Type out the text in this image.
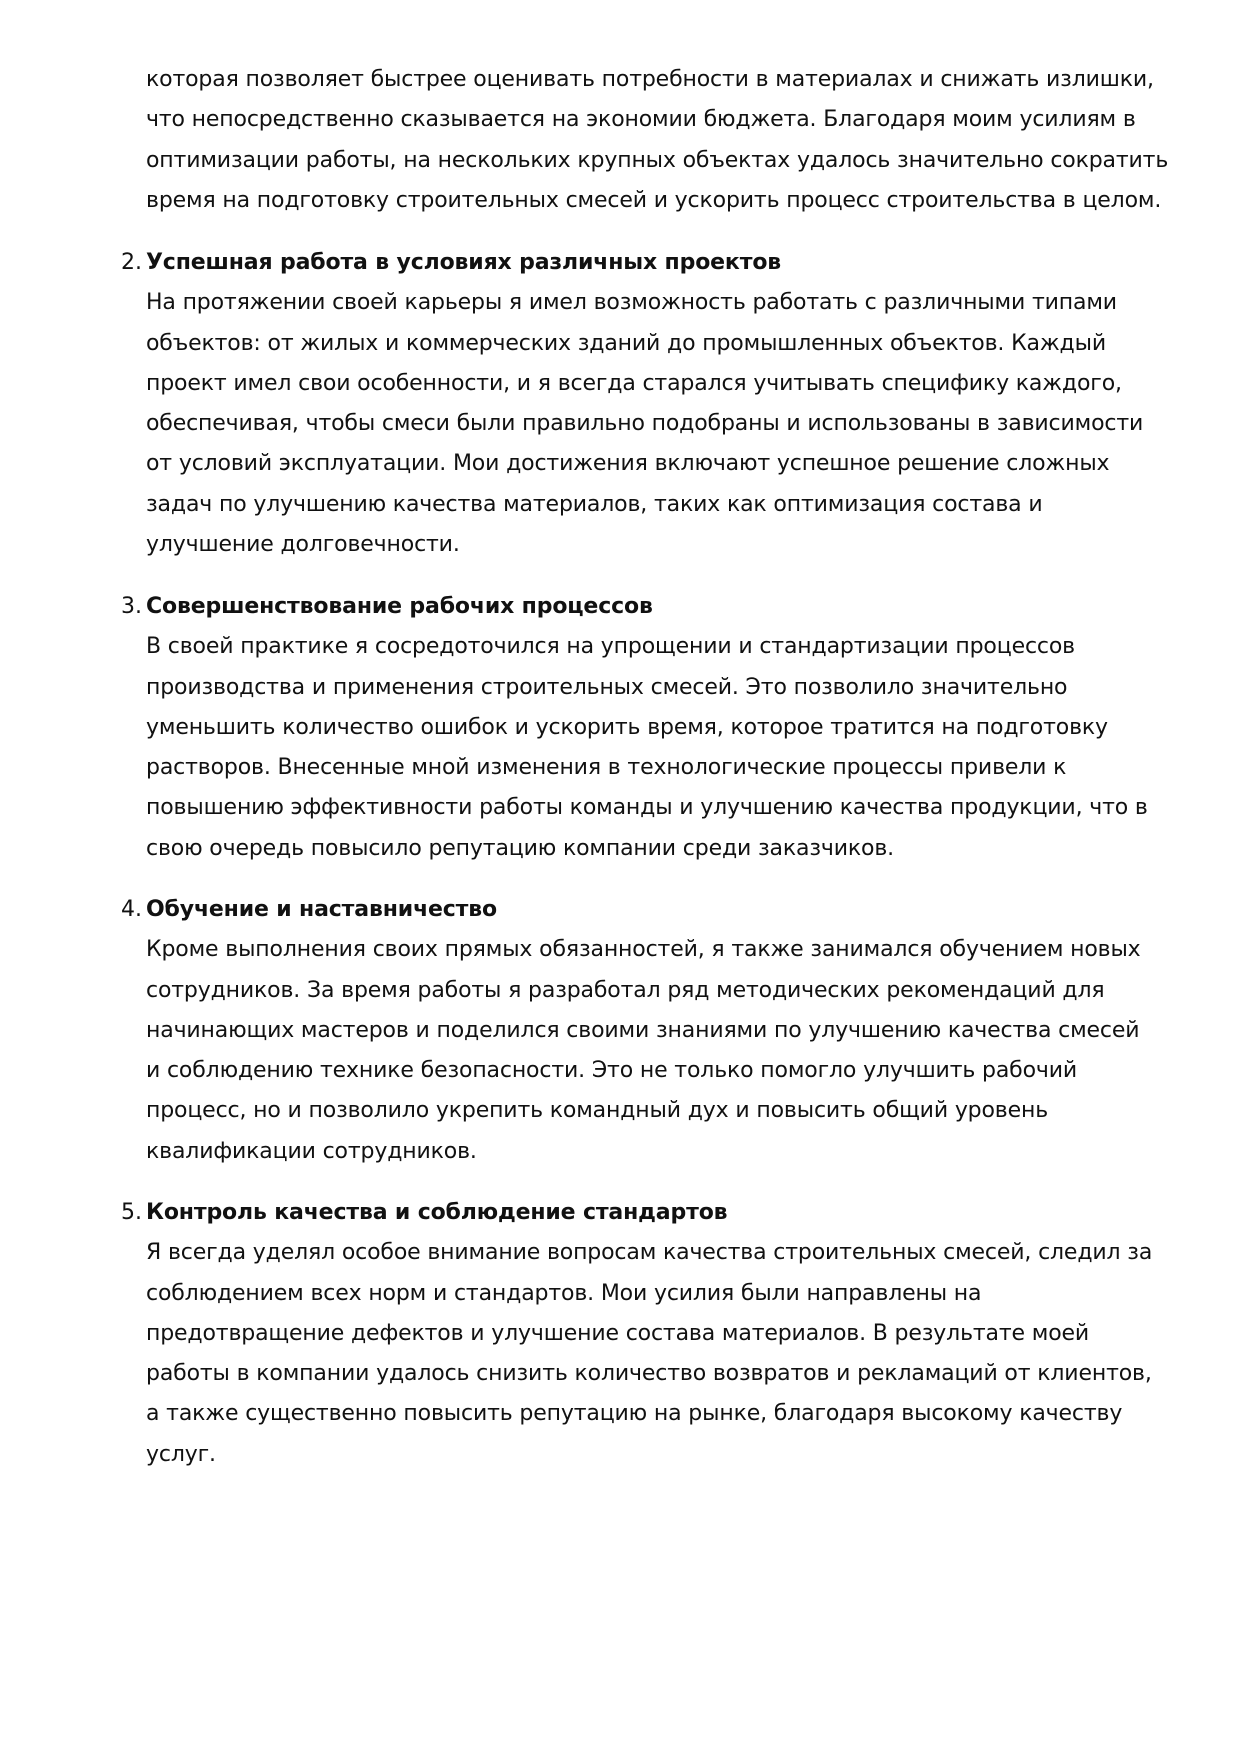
которая позволяет быстрее оценивать потребности в материалах и снижать излишки,
что непосредственно сказывается на экономии бюджета. Благодаря моим усилиям в
оптимизации работы, на нескольких крупных объектах удалось значительно сократить
время на подготовку строительных смесей и ускорить процесс строительства в целом.

2. Успешная работа в условиях различных проектов

На протяжении своей карьеры я имел возможность работать с различными типами
объектов: от жилых и коммерческих зданий до промышленных объектов. Каждый
проект имел свои особенности, и я всегда старался учитывать специфику каждого,
обеспечивая, чтобы смеси были правильно подобраны и использованы в зависимости
от условий эксплуатации. Мои достижения включают успешное решение сложных
задач по улучшению качества материалов, таких как оптимизация состава и
улучшение долговечности.

3. Совершенствование рабочих процессов

В своей практике я сосредоточился на упрощении и стандартизации процессов
производства и применения строительных смесей. Это позволило значительно
уменьшить количество ошибок и ускорить время, которое тратится на подготовку
растворов. Внесенные мной изменения в технологические процессы привели к
повышению эффективности работы команды и улучшению качества продукции, что в
свою очередь повысило репутацию компании среди заказчиков.

4. Обучение и наставничество

Кроме выполнения своих прямых обязанностей, я также занимался обучением новых
сотрудников. За время работы я разработал ряд методических рекомендаций для
начинающих мастеров и поделился своими знаниями по улучшению качества смесей
и соблюдению технике безопасности. Это не только помогло улучшить рабочий
процесс, но и позволило укрепить командный дух и повысить общий уровень
квалификации сотрудников.

5. Контроль качества и соблюдение стандартов

Я всегда уделял особое внимание вопросам качества строительных смесей, следил за
соблюдением всех норм и стандартов. Мои усилия были направлены на
предотвращение дефектов и улучшение состава материалов. В результате моей
работы в компании удалось снизить количество возвратов и рекламаций от клиентов,
а также существенно повысить репутацию на рынке, благодаря высокому качеству
услуг.
